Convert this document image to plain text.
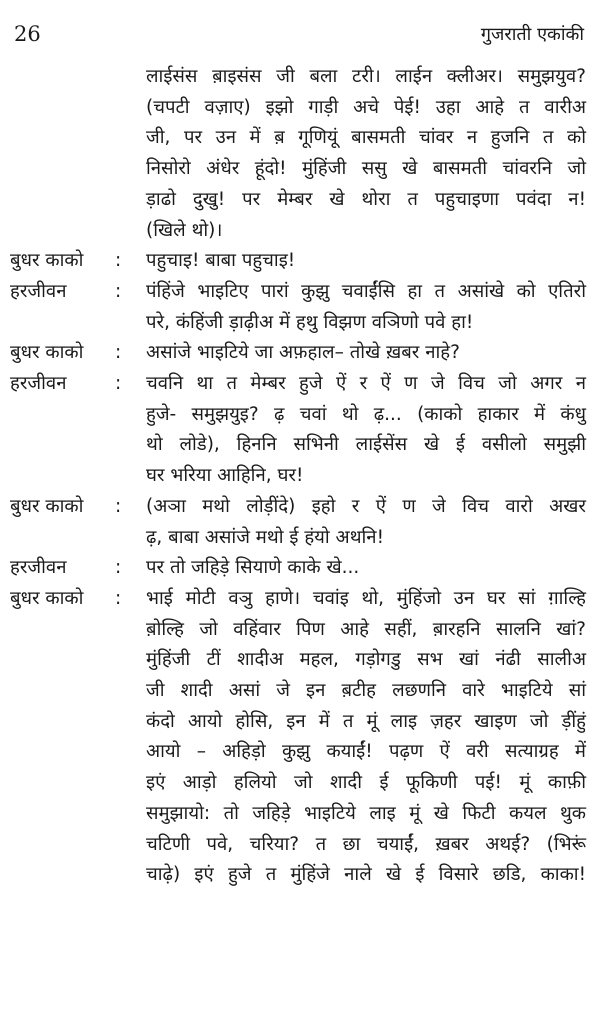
26	गुजराती एकांकी
लाईसंस ब़ाइसंस जी बला टरी। लाईन क्लीअर। समुझयुव?
(चपटी वज़ाए) इझो गाड़ी अचे पेई! उहा आहे त वारीअ
जी, पर उन में ब़ गूणियूं बासमती चांवर न हुजनि त को
निसोरो अंधेर हूंदो! मुंहिंजी ससु खे बासमती चांवरनि जो
ड़ाढो दुखु! पर मेम्बर खे थोरा त पहुचाइणा पवंदा न!
(खिले थो)।
बुधर काको : पहुचाइ! बाबा पहुचाइ!
हरजीवन	: पंहिंजे भाइटिए पारां कुझु चवाईंसि हा त असांखे को एतिरो
परे, कंहिंजी ड़ाढ़ीअ में हथु विझण वञिणो पवे हा!
बुधर काको : असांजे भाइटिये जा अफ़हाल– तोखे ख़बर नाहे?
हरजीवन	: चवनि था त मेम्बर हुजे ऐं र ऐं ण जे विच जो अगर न
हुजे- समुझयुइ? ढ़ चवां थो ढ़... (काको हाकार में कंधु
थो लोडे), हिननि सभिनी लाईसेंस खे ई वसीलो समुझी
घर भरिया आहिनि, घर!
बुधर काको : (अञा मथो लोड़ींदे) इहो र ऐं ण जे विच वारो अखर
ढ़, बाबा असांजे मथो ई हंयो अथनि!
हरजीवन	: पर तो जहिड़े सियाणे काके खे...
बुधर काको : भाई मोटी वञु हाणे। चवांइ थो, मुंहिंजो उन घर सां ग़ाल्हि
ब़ोल्हि जो वहिंवार पिण आहे सहीं, ब़ारहनि सालनि खां?
मुंहिंजी टीं शादीअ महल, गड़ोगडु सभ खां नंढी सालीअ
जी शादी असां जे इन ब़टीह लछणनि वारे भाइटिये सां
कंदो आयो होसि, इन में त मूं लाइ ज़हर खाइण जो ड़ींहुं
आयो – अहिड़ो कुझु कयाईं! पढ़ण ऐं वरी सत्याग्रह में
इएं आड़ो हलियो जो शादी ई फूकिणी पई! मूं काफ़ी
समुझायो: तो जहिड़े भाइटिये लाइ मूं खे फिटी कयल थुक
चटिणी पवे, चरिया? त छा चयाईं, ख़बर अथई? (भिरूं
चाढ़े) इएं हुजे त मुंहिंजे नाले खे ई विसारे छडि, काका!
